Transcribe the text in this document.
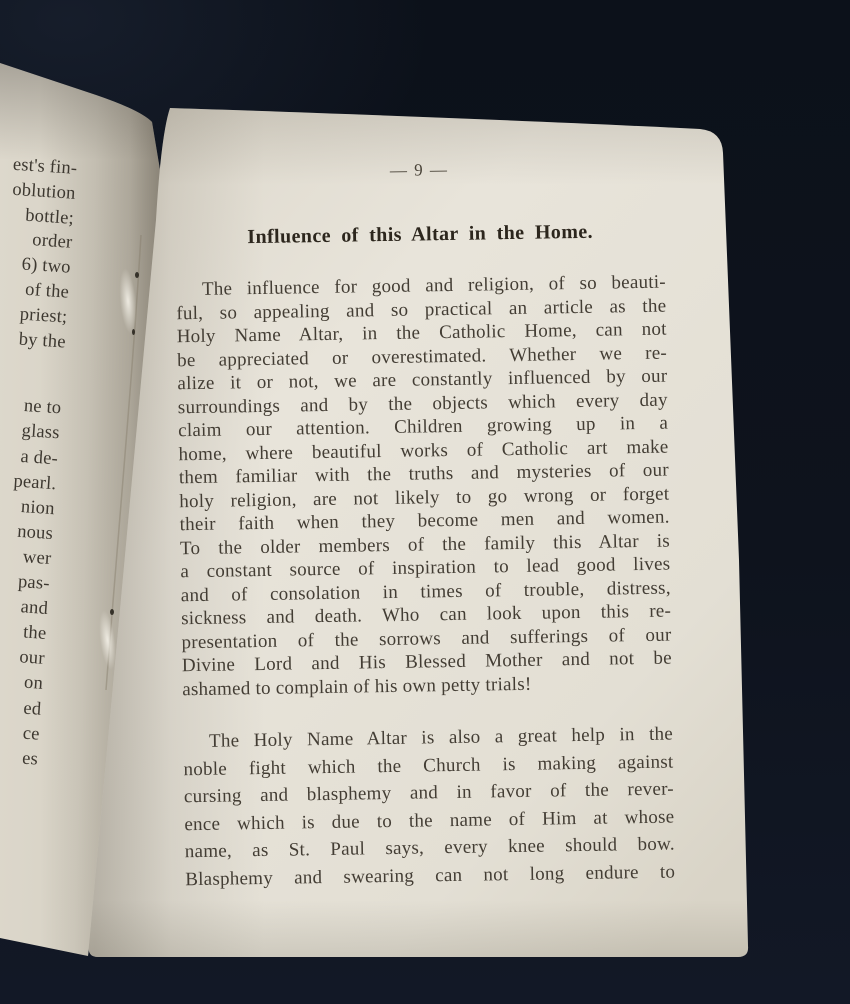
est's fin-
oblution
bottle;
order
6) two
of the
priest;
by the
ne to
glass
a de-
pearl.
nion
nous
wer
pas-
and
the
our
on
ed
ce
es
— 9 —
Influence of this Altar in the Home.
The influence for good and religion, of so beauti-
ful, so appealing and so practical an article as the
Holy Name Altar, in the Catholic Home, can not
be appreciated or overestimated. Whether we re-
alize it or not, we are constantly influenced by our
surroundings and by the objects which every day
claim our attention. Children growing up in a
home, where beautiful works of Catholic art make
them familiar with the truths and mysteries of our
holy religion, are not likely to go wrong or forget
their faith when they become men and women.
To the older members of the family this Altar is
a constant source of inspiration to lead good lives
and of consolation in times of trouble, distress,
sickness and death. Who can look upon this re-
presentation of the sorrows and sufferings of our
Divine Lord and His Blessed Mother and not be
ashamed to complain of his own petty trials!
The Holy Name Altar is also a great help in the
noble fight which the Church is making against
cursing and blasphemy and in favor of the rever-
ence which is due to the name of Him at whose
name, as St. Paul says, every knee should bow.
Blasphemy and swearing can not long endure to
